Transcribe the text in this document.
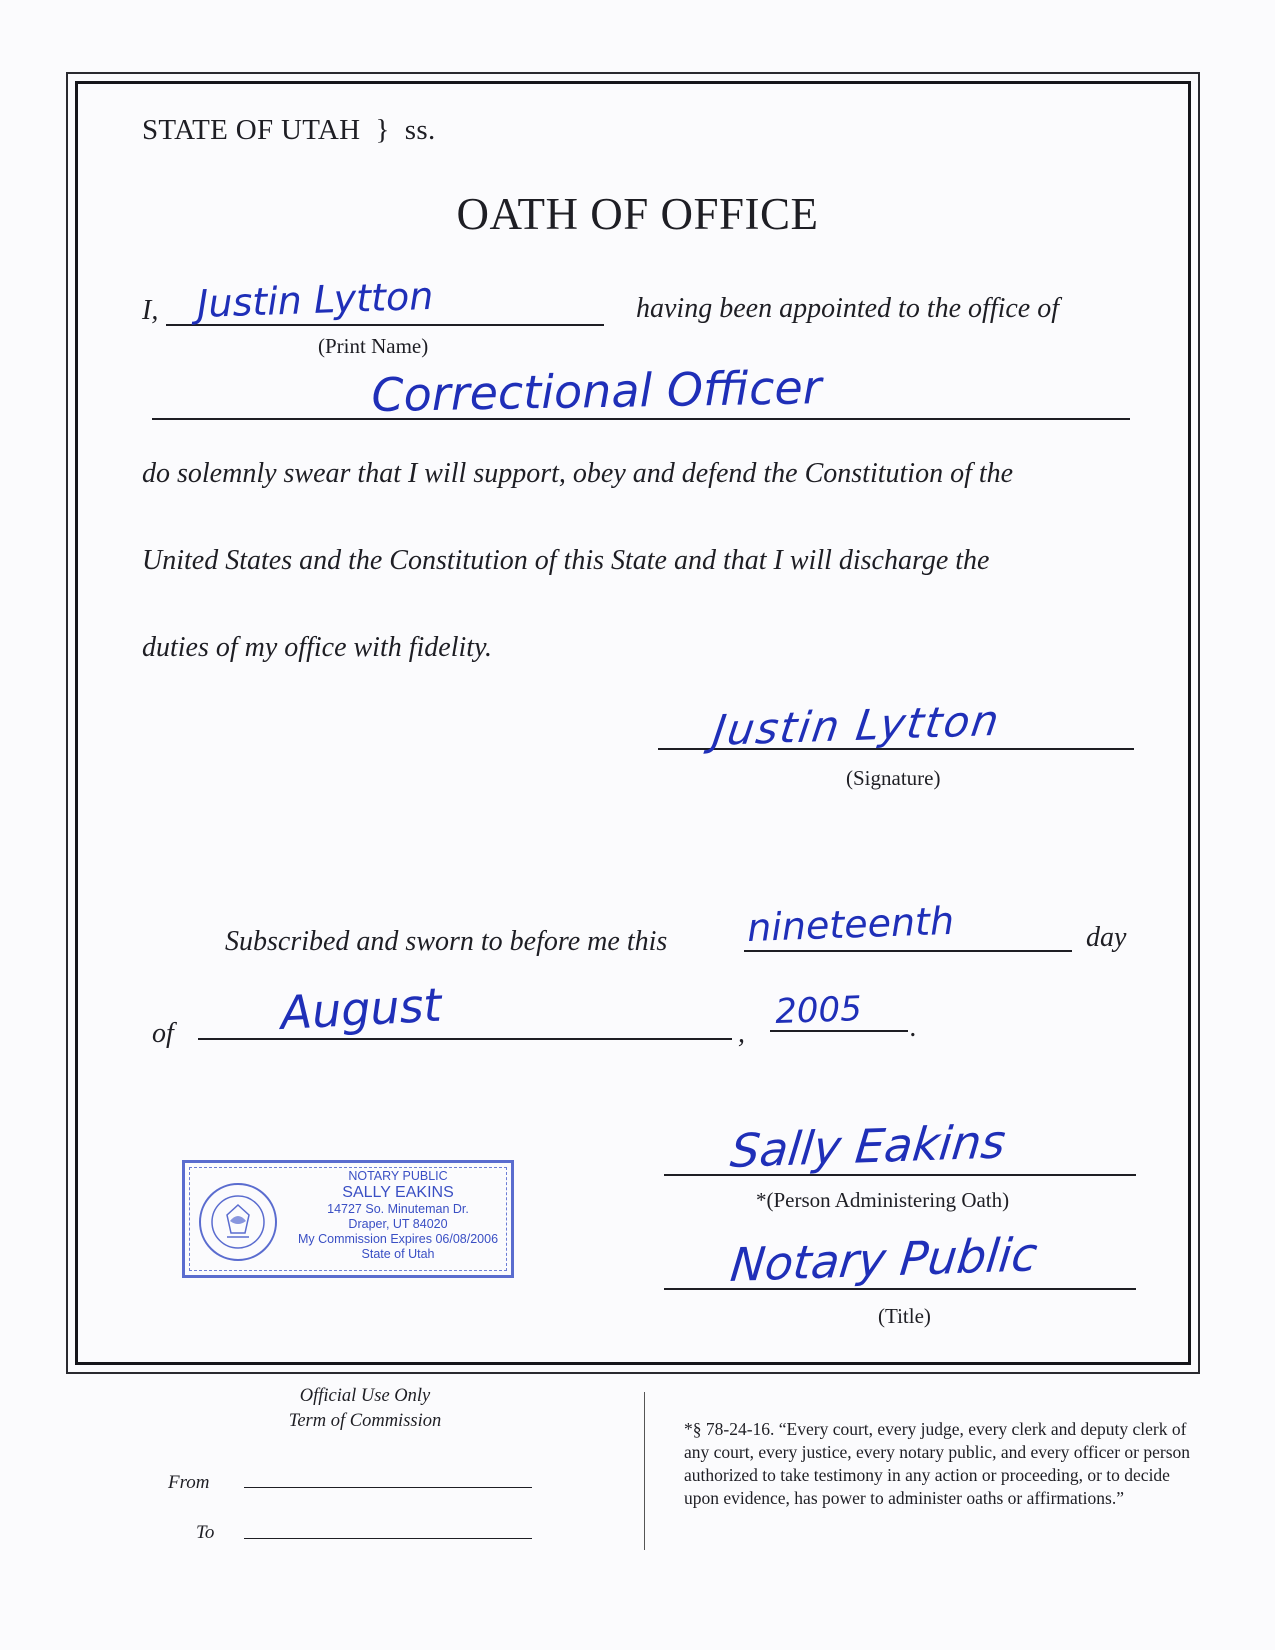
STATE OF UTAH  }  ss.
OATH OF OFFICE
I, Justin Lytton
(Print Name)
having been appointed to the office of
Correctional Officer
do solemnly swear that I will support, obey and defend the Constitution of the
United States and the Constitution of this State and that I will discharge the
duties of my office with fidelity.
Justin Lytton
(Signature)
Subscribed and sworn to before me this nineteenth	day
of August	,
2005 .
Sally Eakins
*(Person Administering Oath)
Notary Public
(Title)
NOTARY PUBLIC
SALLY EAKINS
14727 So. Minuteman Dr.
Draper, UT 84020
My Commission Expires 06/08/2006
State of Utah
Official Use Only
Term of Commission
From
To
*§ 78-24-16. “Every court, every judge, every clerk and deputy clerk of any court, every justice, every notary public, and every officer or person authorized to take testimony in any action or proceeding, or to decide upon evidence, has power to administer oaths or affirmations.”
